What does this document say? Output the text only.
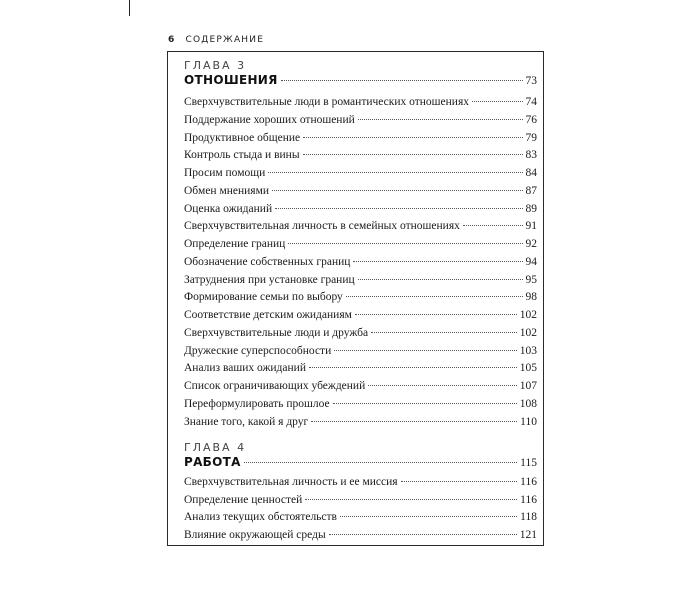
6 СОДЕРЖАНИЕ
ГЛАВА 3
ОТНОШЕНИЯ	73
Сверхчувствительные люди в романтических отношениях	74
Поддержание хороших отношений	76
Продуктивное общение	79
Контроль стыда и вины	83
Просим помощи	84
Обмен мнениями	87
Оценка ожиданий	89
Сверхчувствительная личность в семейных отношениях	91
Определение границ	92
Обозначение собственных границ	94
Затруднения при установке границ	95
Формирование семьи по выбору	98
Соответствие детским ожиданиям	102
Сверхчувствительные люди и дружба	102
Дружеские суперспособности	103
Анализ ваших ожиданий	105
Список ограничивающих убеждений	107
Переформулировать прошлое	108
Знание того, какой я друг	110
ГЛАВА 4
РАБОТА	115
Сверхчувствительная личность и ее миссия	116
Определение ценностей	116
Анализ текущих обстоятельств	118
Влияние окружающей среды	121
